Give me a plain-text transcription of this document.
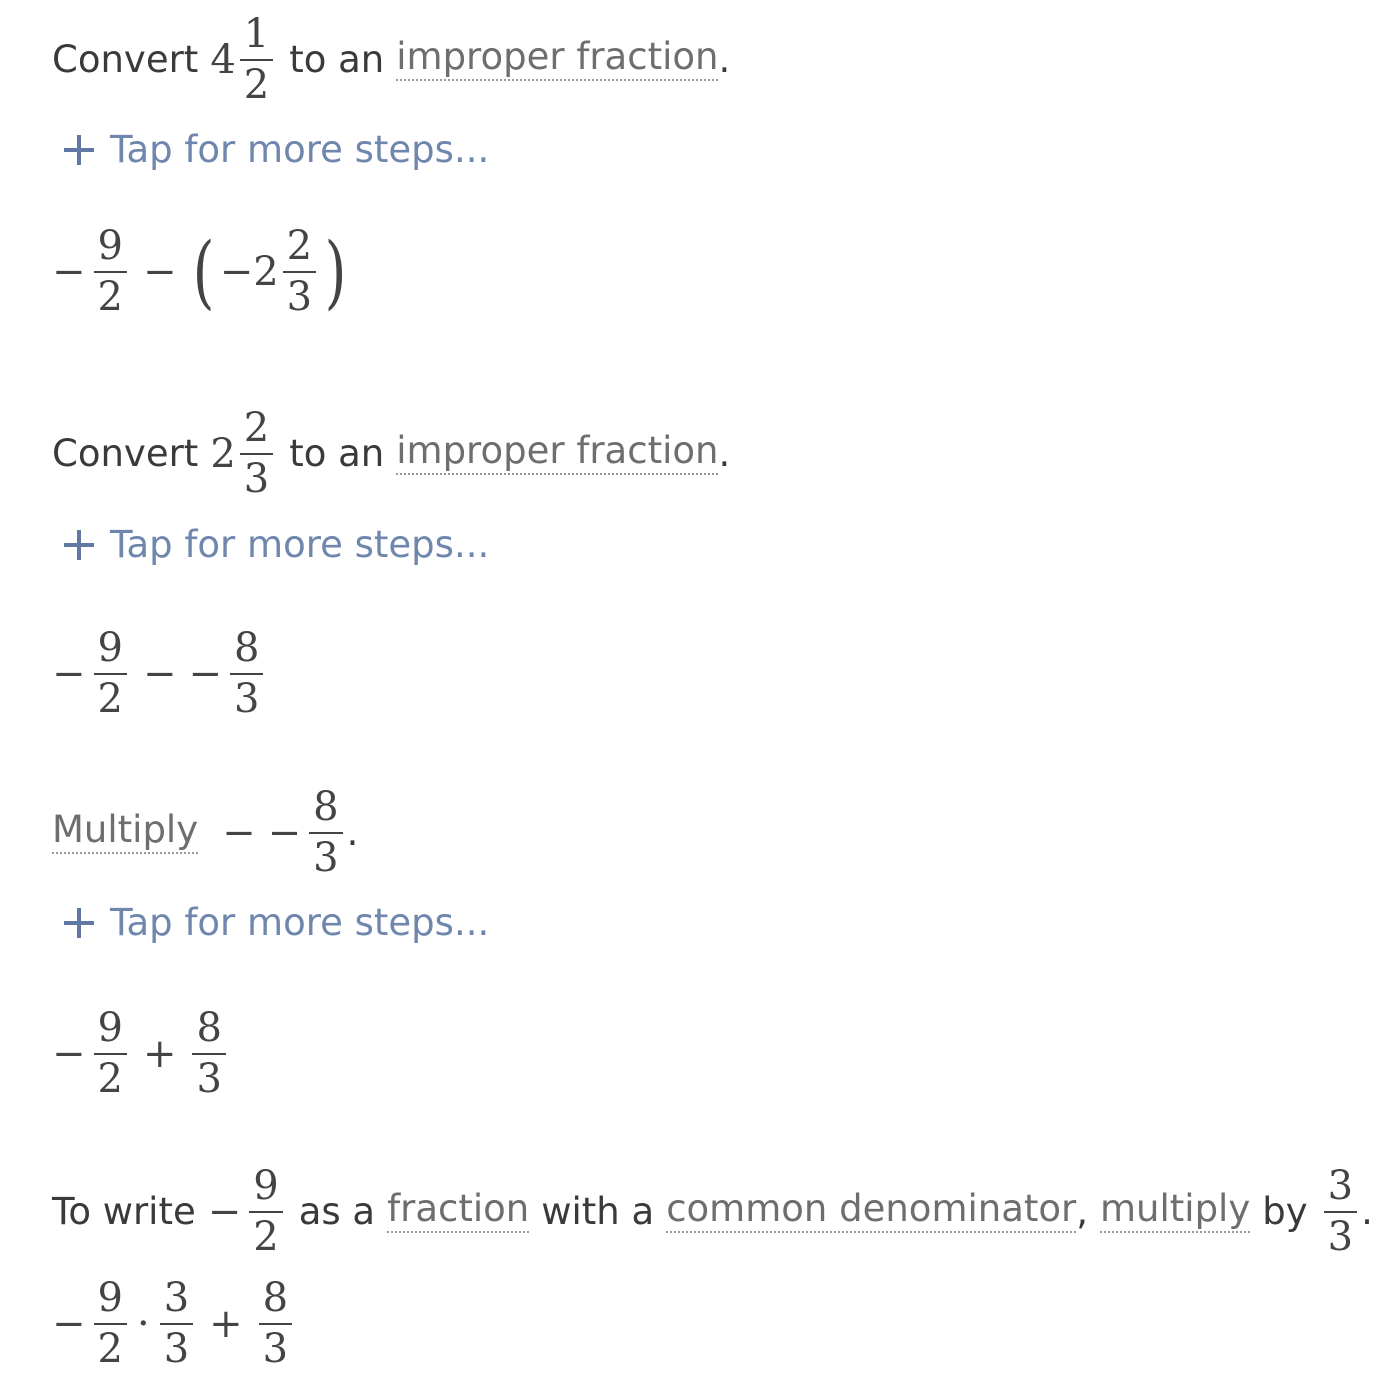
Convert $4 \frac{1}{2}$ to an improper fraction .
Tap for more steps...
− $\frac{9}{2}$ − ( − $2 \frac{2}{3}$ )
Convert $2 \frac{2}{3}$ to an improper fraction .
Tap for more steps...
− $\frac{9}{2}$ − − $\frac{8}{3}$
Multiply − − $\frac{8}{3}$ .
Tap for more steps...
− $\frac{9}{2} + \frac{8}{3}$
To write − $\frac{9}{2}$ as a fraction with a common denominator , multiply by $\frac{3}{3}$ .
− $\frac{9}{2} \cdot \frac{3}{3} + \frac{8}{3}$
